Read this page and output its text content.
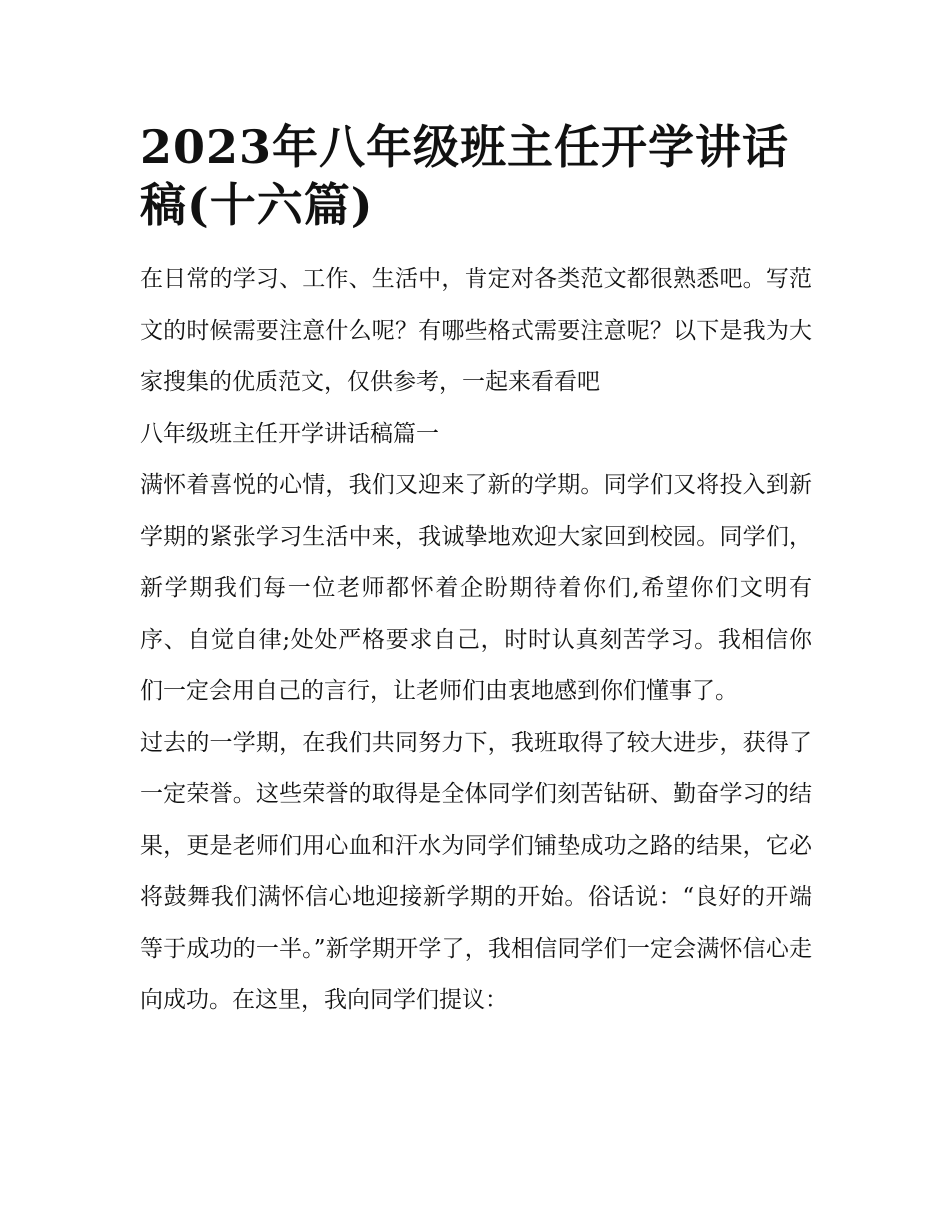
2023年八年级班主任开学讲话稿(十六篇)

在日常的学习、工作、生活中，肯定对各类范文都很熟悉吧。写范文的时候需要注意什么呢？有哪些格式需要注意呢？以下是我为大家搜集的优质范文，仅供参考，一起来看看吧

八年级班主任开学讲话稿篇一

满怀着喜悦的心情，我们又迎来了新的学期。同学们又将投入到新学期的紧张学习生活中来，我诚挚地欢迎大家回到校园。同学们，新学期我们每一位老师都怀着企盼期待着你们,希望你们文明有序、自觉自律;处处严格要求自己，时时认真刻苦学习。我相信你们一定会用自己的言行，让老师们由衷地感到你们懂事了。

过去的一学期，在我们共同努力下，我班取得了较大进步，获得了一定荣誉。这些荣誉的取得是全体同学们刻苦钻研、勤奋学习的结果，更是老师们用心血和汗水为同学们铺垫成功之路的结果，它必将鼓舞我们满怀信心地迎接新学期的开始。俗话说：“良好的开端等于成功的一半。”新学期开学了，我相信同学们一定会满怀信心走向成功。在这里，我向同学们提议：
